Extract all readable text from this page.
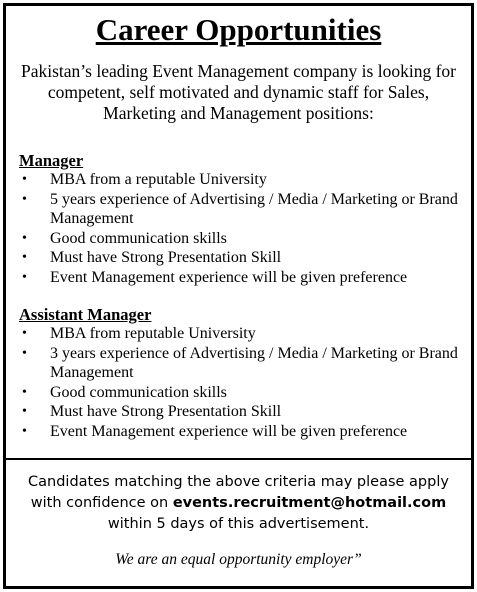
Career Opportunities
Pakistan’s leading Event Management company is looking for competent, self motivated and dynamic staff for Sales, Marketing and Management positions:

Manager

• MBA from a reputable University
• 5 years experience of Advertising / Media / Marketing or Brand Management
• Good communication skills
• Must have Strong Presentation Skill
• Event Management experience will be given preference

Assistant Manager

• MBA from reputable University
• 3 years experience of Advertising / Media / Marketing or Brand Management
• Good communication skills
• Must have Strong Presentation Skill
• Event Management experience will be given preference
Candidates matching the above criteria may please apply
with confidence on events.recruitment@hotmail.com
within 5 days of this advertisement.
We are an equal opportunity employer”
